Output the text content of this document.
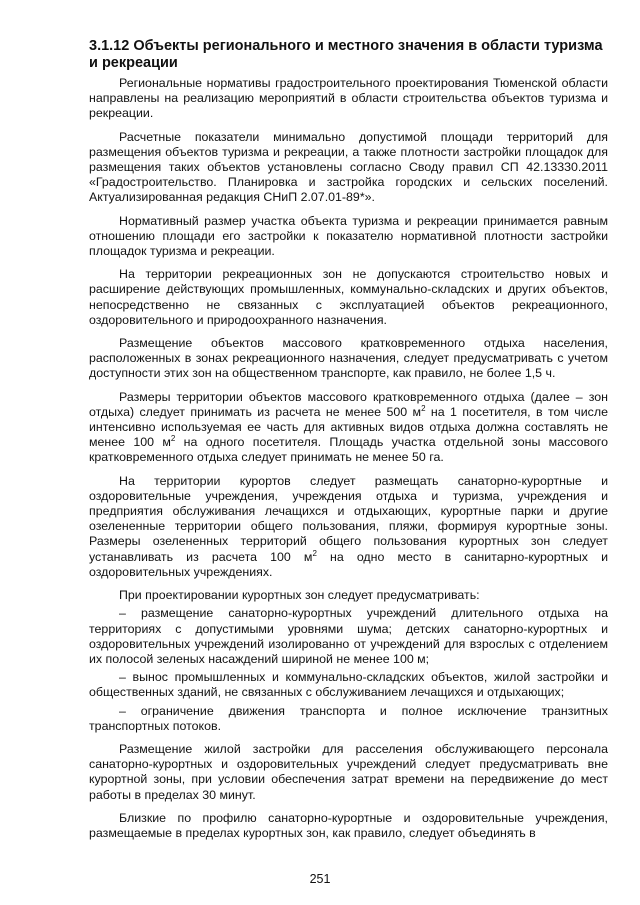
3.1.12 Объекты регионального и местного значения в области туризма и рекреации

Региональные нормативы градостроительного проектирования Тюменской области направлены на реализацию мероприятий в области строительства объектов туризма и рекреации.

Расчетные показатели минимально допустимой площади территорий для размещения объектов туризма и рекреации, а также плотности застройки площадок для размещения таких объектов установлены согласно Своду правил СП 42.13330.2011 «Градостроительство. Планировка и застройка городских и сельских поселений. Актуализированная редакция СНиП 2.07.01-89*».

Нормативный размер участка объекта туризма и рекреации принимается равным отношению площади его застройки к показателю нормативной плотности застройки площадок туризма и рекреации.

На территории рекреационных зон не допускаются строительство новых и расширение действующих промышленных, коммунально-складских и других объектов, непосредственно не связанных с эксплуатацией объектов рекреационного, оздоровительного и природоохранного назначения.

Размещение объектов массового кратковременного отдыха населения, расположенных в зонах рекреационного назначения, следует предусматривать с учетом доступности этих зон на общественном транспорте, как правило, не более 1,5 ч.

Размеры территории объектов массового кратковременного отдыха (далее – зон отдыха) следует принимать из расчета не менее 500 $м^2$ на 1 посетителя, в том числе интенсивно используемая ее часть для активных видов отдыха должна составлять не менее 100 $м^2$ на одного посетителя. Площадь участка отдельной зоны массового кратковременного отдыха следует принимать не менее 50 га.

На территории курортов следует размещать санаторно-курортные и оздоровительные учреждения, учреждения отдыха и туризма, учреждения и предприятия обслуживания лечащихся и отдыхающих, курортные парки и другие озелененные территории общего пользования, пляжи, формируя курортные зоны. Размеры озелененных территорий общего пользования курортных зон следует устанавливать из расчета 100 $м^2$ на одно место в санитарно-курортных и оздоровительных учреждениях.

При проектировании курортных зон следует предусматривать:

– размещение санаторно-курортных учреждений длительного отдыха на территориях с допустимыми уровнями шума; детских санаторно-курортных и оздоровительных учреждений изолированно от учреждений для взрослых с отделением их полосой зеленых насаждений шириной не менее 100 м;

– вынос промышленных и коммунально-складских объектов, жилой застройки и общественных зданий, не связанных с обслуживанием лечащихся и отдыхающих;

– ограничение движения транспорта и полное исключение транзитных транспортных потоков.

Размещение жилой застройки для расселения обслуживающего персонала санаторно-курортных и оздоровительных учреждений следует предусматривать вне курортной зоны, при условии обеспечения затрат времени на передвижение до мест работы в пределах 30 минут.

Близкие по профилю санаторно-курортные и оздоровительные учреждения, размещаемые в пределах курортных зон, как правило, следует объединять в

251
